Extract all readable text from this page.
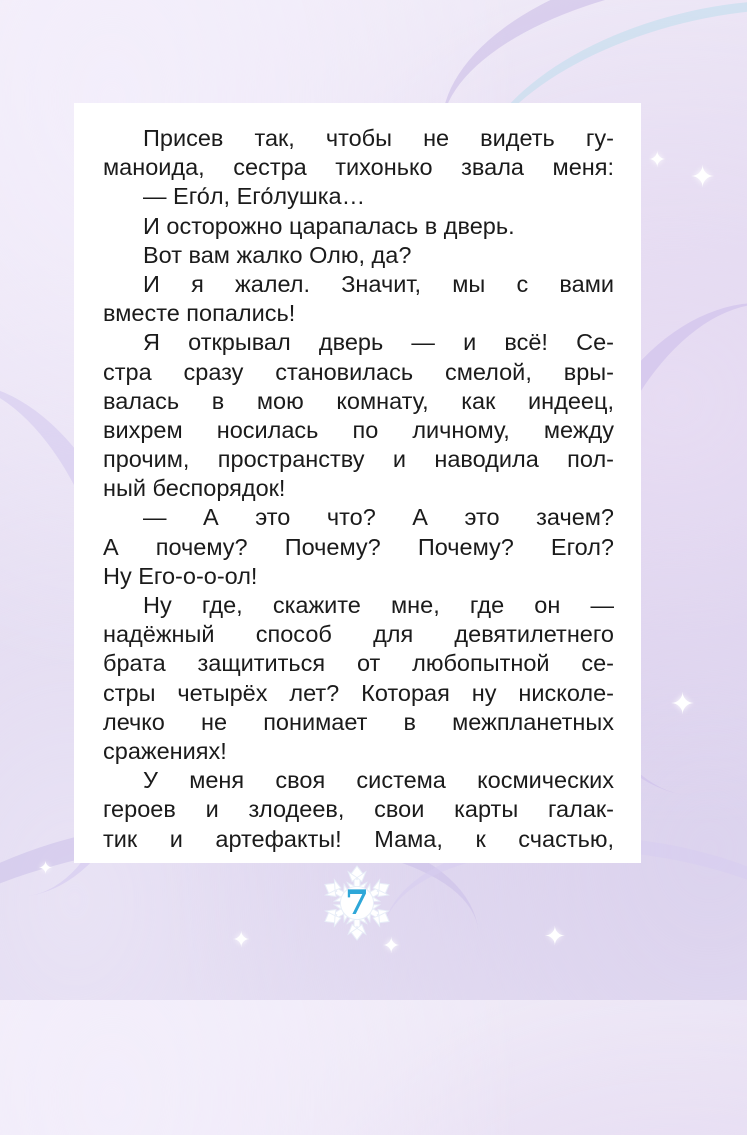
✦ ✦
✦
✦	✦	✦
✦
Присев так, чтобы не видеть гу-
маноида, сестра тихонько звала меня:
— Его́л, Его́лушка…
И осторожно царапалась в дверь.
Вот вам жалко Олю, да?
И я жалел. Значит, мы с вами
вместе попались!
Я открывал дверь — и всё! Се-
стра сразу становилась смелой, вры-
валась в мою комнату, как индеец,
вихрем носилась по личному, между
прочим, пространству и наводила пол-
ный беспорядок!
— А это что? А это зачем?
А почему? Почему? Почему? Егол?
Ну Его-о-о-ол!
Ну где, скажите мне, где он —
надёжный способ для девятилетнего
брата защититься от любопытной се-
стры четырёх лет? Которая ну нисколе-
лечко не понимает в межпланетных
сражениях!
У меня своя система космических
героев и злодеев, свои карты галак-
тик и артефакты! Мама, к счастью,
7
